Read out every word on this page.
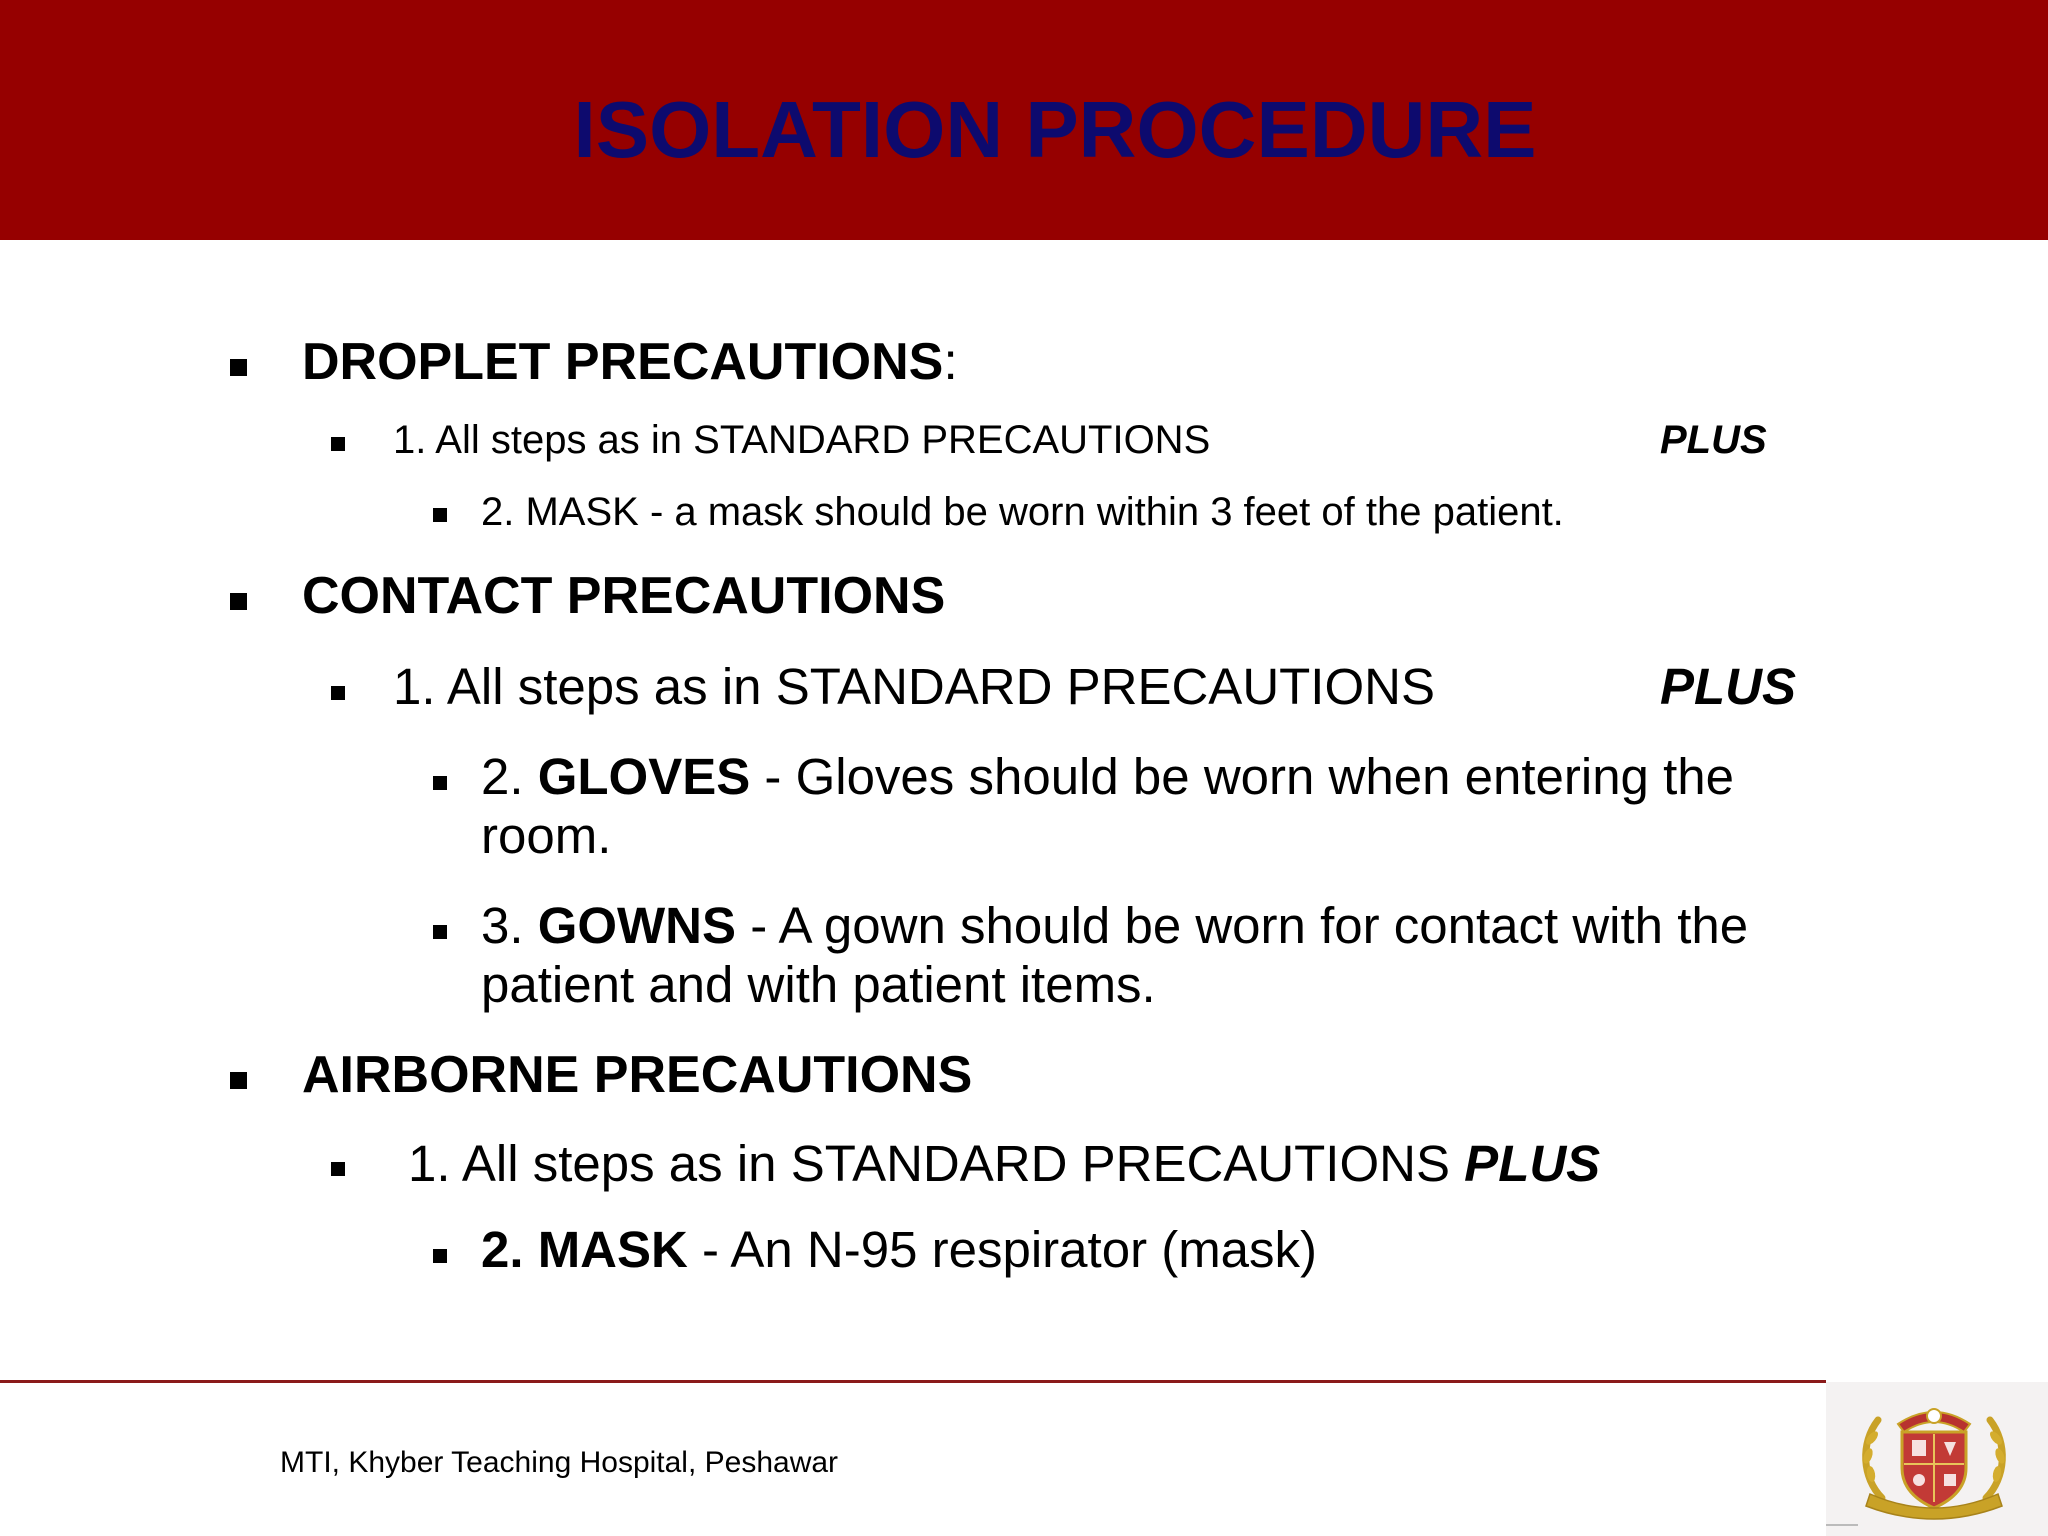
ISOLATION PROCEDURE
DROPLET PRECAUTIONS:
1. All steps as in STANDARD PRECAUTIONS	PLUS
2. MASK - a mask should be worn within 3 feet of the patient.
CONTACT PRECAUTIONS
1. All steps as in STANDARD PRECAUTIONS	PLUS
2. GLOVES - Gloves should be worn when entering the
room.
3. GOWNS - A gown should be worn for contact with the
patient and with patient items.
AIRBORNE PRECAUTIONS
1. All steps as in STANDARD PRECAUTIONS PLUS
2. MASK - An N-95 respirator (mask)
MTI, Khyber Teaching Hospital, Peshawar
